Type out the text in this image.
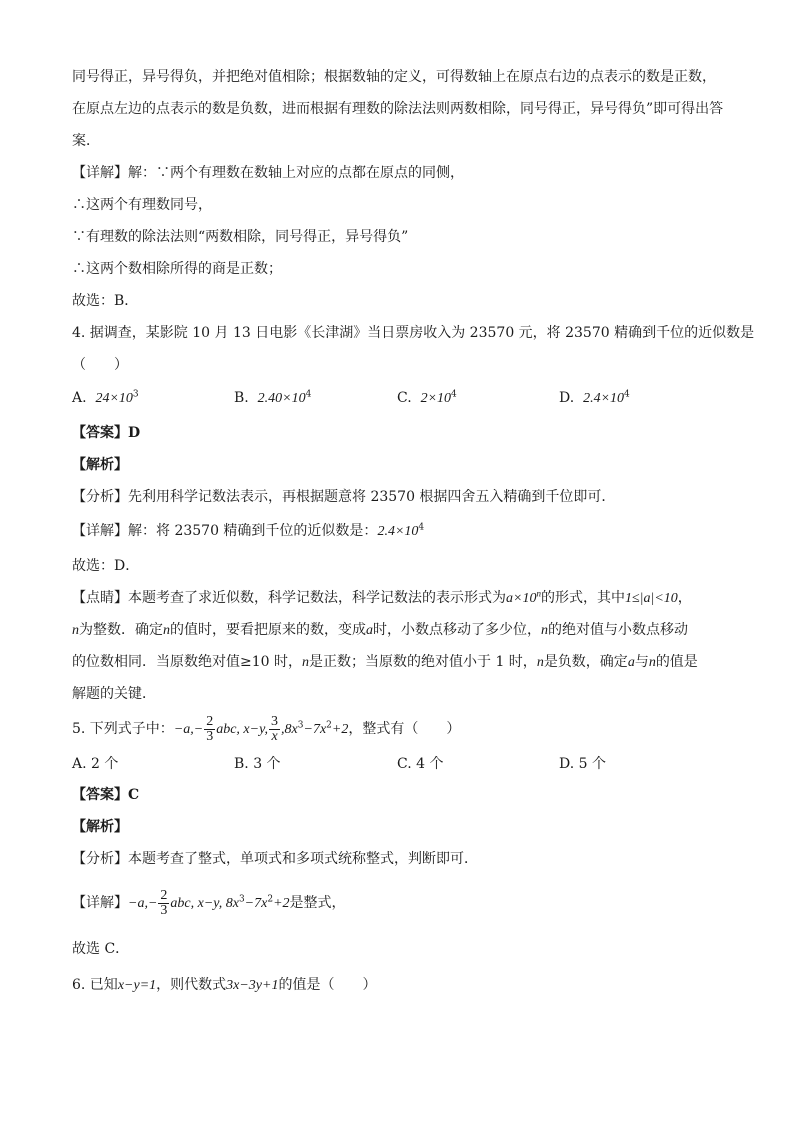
同号得正，异号得负，并把绝对值相除；根据数轴的定义，可得数轴上在原点右边的点表示的数是正数，
在原点左边的点表示的数是负数，进而根据有理数的除法法则两数相除，同号得正，异号得负”即可得出答
案．
【详解】解：∵两个有理数在数轴上对应的点都在原点的同侧，
∴这两个有理数同号，
∵有理数的除法法则“两数相除，同号得正，异号得负”
∴这两个数相除所得的商是正数；
故选：B．
4. 据调查，某影院 10 月 13 日电影《长津湖》当日票房收入为 23570 元，将 23570 精确到千位的近似数是
（　　）
A. $24\times 10^3$	B. $2.40\times 10^4$	C. $2\times 10^4$	D. $2.4\times 10^4$
【答案】D
【解析】
【分析】先利用科学记数法表示，再根据题意将 23570 根据四舍五入精确到千位即可．
【详解】解：将 23570 精确到千位的近似数是：$2.4\times 10^4$
故选：D．
【点睛】本题考查了求近似数，科学记数法，科学记数法的表示形式为$a\times 10^n$的形式，其中1≤|a|<10，
n为整数．确定n的值时，要看把原来的数，变成a时，小数点移动了多少位，n的绝对值与小数点移动
的位数相同．当原数绝对值≥10 时，n是正数；当原数的绝对值小于 1 时，n是负数，确定a与n的值是
解题的关键．
5. 下列式子中：$-a,- \frac{2}{3}$ abc, x−y, $\frac{3}{x} ,8x^3-7x^2+2$，整式有（　　）
A. 2 个	B. 3 个	C. 4 个	D. 5 个
【答案】C
【解析】
【分析】本题考查了整式，单项式和多项式统称整式，判断即可．
【详解】$-a,- \frac{2}{3}$ abc, x−y, $8x^3-7x^2+2$是整式，
故选 C．
6. 已知x−y=1，则代数式3x−3y+1的值是（　　）
